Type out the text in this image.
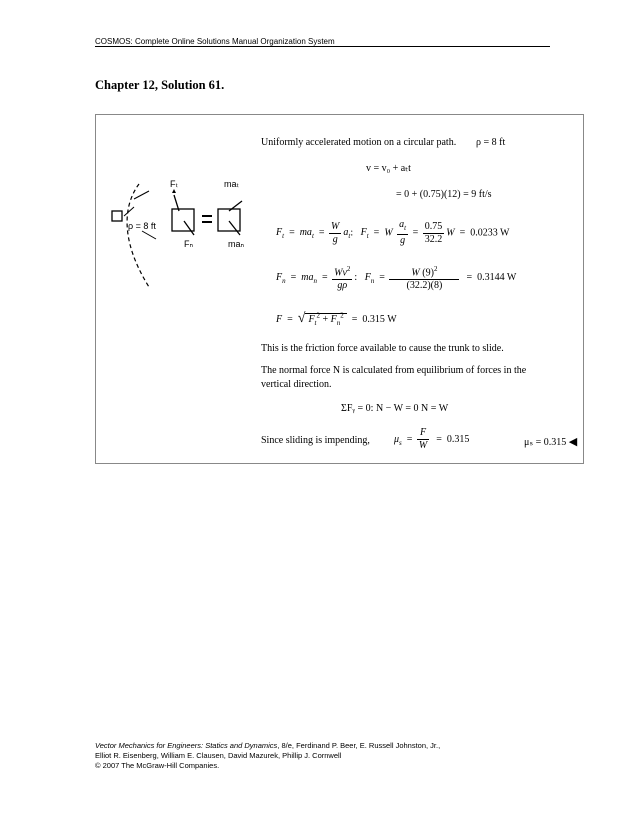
COSMOS: Complete Online Solutions Manual Organization System
Chapter 12, Solution 61.
ρ = 8 ft
Fₜ
Fₙ
maₜ
maₙ
Uniformly accelerated motion on a circular path. ρ = 8 ft
v = v₀ + aₜt
= 0 + (0.75)(12) = 9 ft/s
$F_t = ma_t = \frac{W}{g} a_t$:   $F_t = W \frac{a_t}{g} = \frac{0.75}{32.2}$ W  =  0.0233 W
$F_n = ma_n = \frac{Wv^2}{g\rho}$ :   $F_n = \frac{W (9)^2}{(32.2)(8)} = 0.3144$ W
F  =  √ $F_t^2 + F_n^2 = 0.315$ W
This is the friction force available to cause the trunk to slide.
The normal force N is calculated from equilibrium of forces in the
vertical direction.
ΣFᵧ = 0: N − W = 0 N = W
Since sliding is impending, $\mu_s = \frac{F}{W} = 0.315$	μₛ = 0.315 ◀
Vector Mechanics for Engineers: Statics and Dynamics, 8/e, Ferdinand P. Beer, E. Russell Johnston, Jr.,
Elliot R. Eisenberg, William E. Clausen, David Mazurek, Phillip J. Cornwell
© 2007 The McGraw-Hill Companies.
